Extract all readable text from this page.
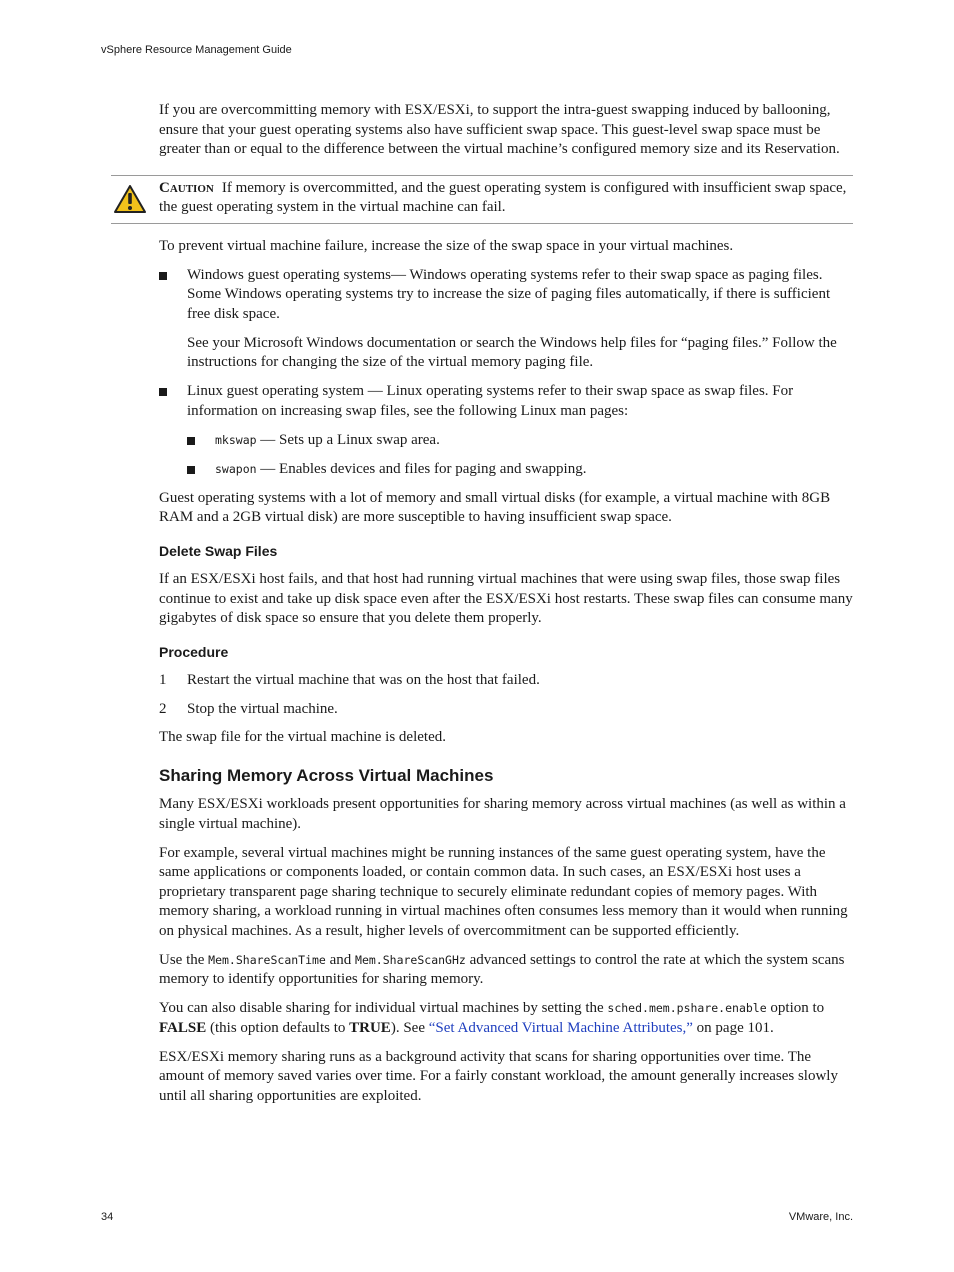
vSphere Resource Management Guide

If you are overcommitting memory with ESX/ESXi, to support the intra-guest swapping induced by ballooning, ensure that your guest operating systems also have sufficient swap space. This guest-level swap space must be greater than or equal to the difference between the virtual machine’s configured memory size and its Reservation.

Caution If memory is overcommitted, and the guest operating system is configured with insufficient swap space, the guest operating system in the virtual machine can fail.

To prevent virtual machine failure, increase the size of the swap space in your virtual machines.

Windows guest operating systems— Windows operating systems refer to their swap space as paging files. Some Windows operating systems try to increase the size of paging files automatically, if there is sufficient free disk space.

See your Microsoft Windows documentation or search the Windows help files for “paging files.” Follow the instructions for changing the size of the virtual memory paging file.

Linux guest operating system — Linux operating systems refer to their swap space as swap files. For information on increasing swap files, see the following Linux man pages:
mkswap — Sets up a Linux swap area.
swapon — Enables devices and files for paging and swapping.

Guest operating systems with a lot of memory and small virtual disks (for example, a virtual machine with 8GB RAM and a 2GB virtual disk) are more susceptible to having insufficient swap space.

Delete Swap Files

If an ESX/ESXi host fails, and that host had running virtual machines that were using swap files, those swap files continue to exist and take up disk space even after the ESX/ESXi host restarts. These swap files can consume many gigabytes of disk space so ensure that you delete them properly.

Procedure
1 Restart the virtual machine that was on the host that failed.
2 Stop the virtual machine.

The swap file for the virtual machine is deleted.

Sharing Memory Across Virtual Machines

Many ESX/ESXi workloads present opportunities for sharing memory across virtual machines (as well as within a single virtual machine).

For example, several virtual machines might be running instances of the same guest operating system, have the same applications or components loaded, or contain common data. In such cases, an ESX/ESXi host uses a proprietary transparent page sharing technique to securely eliminate redundant copies of memory pages. With memory sharing, a workload running in virtual machines often consumes less memory than it would when running on physical machines. As a result, higher levels of overcommitment can be supported efficiently.

Use the Mem.ShareScanTime and Mem.ShareScanGHz advanced settings to control the rate at which the system scans memory to identify opportunities for sharing memory.

You can also disable sharing for individual virtual machines by setting the sched.mem.pshare.enable option to FALSE (this option defaults to TRUE). See “Set Advanced Virtual Machine Attributes,” on page 101.

ESX/ESXi memory sharing runs as a background activity that scans for sharing opportunities over time. The amount of memory saved varies over time. For a fairly constant workload, the amount generally increases slowly until all sharing opportunities are exploited.

34	VMware, Inc.
